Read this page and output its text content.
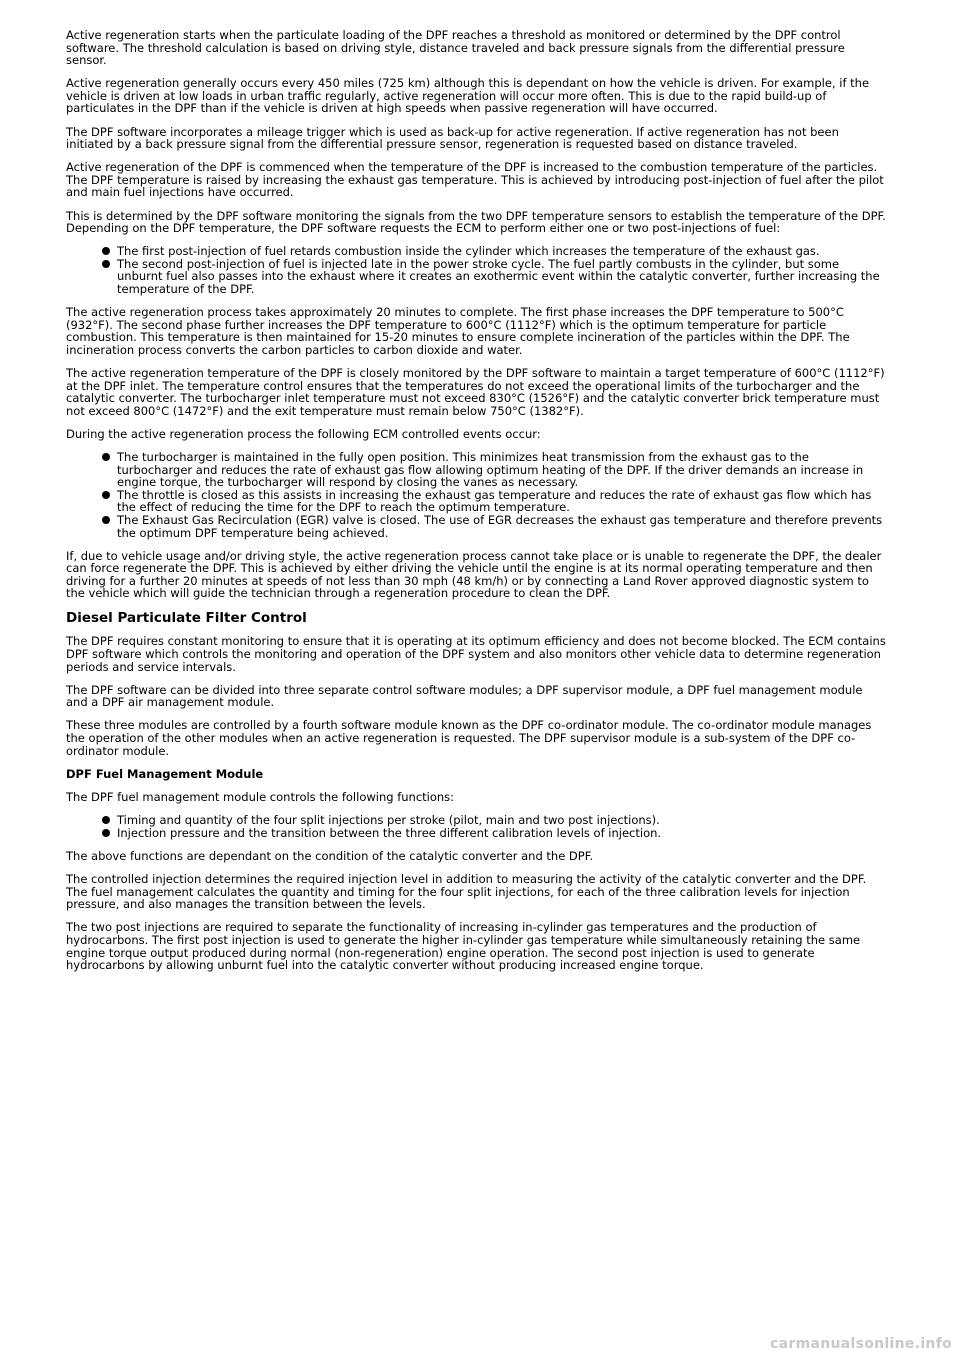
Active regeneration starts when the particulate loading of the DPF reaches a threshold as monitored or determined by the DPF control software. The threshold calculation is based on driving style, distance traveled and back pressure signals from the differential pressure sensor.

Active regeneration generally occurs every 450 miles (725 km) although this is dependant on how the vehicle is driven. For example, if the vehicle is driven at low loads in urban traffic regularly, active regeneration will occur more often. This is due to the rapid build-up of particulates in the DPF than if the vehicle is driven at high speeds when passive regeneration will have occurred.

The DPF software incorporates a mileage trigger which is used as back-up for active regeneration. If active regeneration has not been initiated by a back pressure signal from the differential pressure sensor, regeneration is requested based on distance traveled.

Active regeneration of the DPF is commenced when the temperature of the DPF is increased to the combustion temperature of the particles. The DPF temperature is raised by increasing the exhaust gas temperature. This is achieved by introducing post-injection of fuel after the pilot and main fuel injections have occurred.

This is determined by the DPF software monitoring the signals from the two DPF temperature sensors to establish the temperature of the DPF. Depending on the DPF temperature, the DPF software requests the ECM to perform either one or two post-injections of fuel:

The first post-injection of fuel retards combustion inside the cylinder which increases the temperature of the exhaust gas.
The second post-injection of fuel is injected late in the power stroke cycle. The fuel partly combusts in the cylinder, but some unburnt fuel also passes into the exhaust where it creates an exothermic event within the catalytic converter, further increasing the temperature of the DPF.

The active regeneration process takes approximately 20 minutes to complete. The first phase increases the DPF temperature to 500°C (932°F). The second phase further increases the DPF temperature to 600°C (1112°F) which is the optimum temperature for particle combustion. This temperature is then maintained for 15-20 minutes to ensure complete incineration of the particles within the DPF. The incineration process converts the carbon particles to carbon dioxide and water.

The active regeneration temperature of the DPF is closely monitored by the DPF software to maintain a target temperature of 600°C (1112°F) at the DPF inlet. The temperature control ensures that the temperatures do not exceed the operational limits of the turbocharger and the catalytic converter. The turbocharger inlet temperature must not exceed 830°C (1526°F) and the catalytic converter brick temperature must not exceed 800°C (1472°F) and the exit temperature must remain below 750°C (1382°F).

During the active regeneration process the following ECM controlled events occur:

The turbocharger is maintained in the fully open position. This minimizes heat transmission from the exhaust gas to the turbocharger and reduces the rate of exhaust gas flow allowing optimum heating of the DPF. If the driver demands an increase in engine torque, the turbocharger will respond by closing the vanes as necessary.
The throttle is closed as this assists in increasing the exhaust gas temperature and reduces the rate of exhaust gas flow which has the effect of reducing the time for the DPF to reach the optimum temperature.
The Exhaust Gas Recirculation (EGR) valve is closed. The use of EGR decreases the exhaust gas temperature and therefore prevents the optimum DPF temperature being achieved.

If, due to vehicle usage and/or driving style, the active regeneration process cannot take place or is unable to regenerate the DPF, the dealer can force regenerate the DPF. This is achieved by either driving the vehicle until the engine is at its normal operating temperature and then driving for a further 20 minutes at speeds of not less than 30 mph (48 km/h) or by connecting a Land Rover approved diagnostic system to the vehicle which will guide the technician through a regeneration procedure to clean the DPF.

Diesel Particulate Filter Control

The DPF requires constant monitoring to ensure that it is operating at its optimum efficiency and does not become blocked. The ECM contains DPF software which controls the monitoring and operation of the DPF system and also monitors other vehicle data to determine regeneration periods and service intervals.

The DPF software can be divided into three separate control software modules; a DPF supervisor module, a DPF fuel management module and a DPF air management module.

These three modules are controlled by a fourth software module known as the DPF co-ordinator module. The co-ordinator module manages the operation of the other modules when an active regeneration is requested. The DPF supervisor module is a sub-system of the DPF co-ordinator module.

DPF Fuel Management Module

The DPF fuel management module controls the following functions:

Timing and quantity of the four split injections per stroke (pilot, main and two post injections).
Injection pressure and the transition between the three different calibration levels of injection.

The above functions are dependant on the condition of the catalytic converter and the DPF.

The controlled injection determines the required injection level in addition to measuring the activity of the catalytic converter and the DPF. The fuel management calculates the quantity and timing for the four split injections, for each of the three calibration levels for injection pressure, and also manages the transition between the levels.

The two post injections are required to separate the functionality of increasing in-cylinder gas temperatures and the production of hydrocarbons. The first post injection is used to generate the higher in-cylinder gas temperature while simultaneously retaining the same engine torque output produced during normal (non-regeneration) engine operation. The second post injection is used to generate hydrocarbons by allowing unburnt fuel into the catalytic converter without producing increased engine torque.

carmanualsonline.info
